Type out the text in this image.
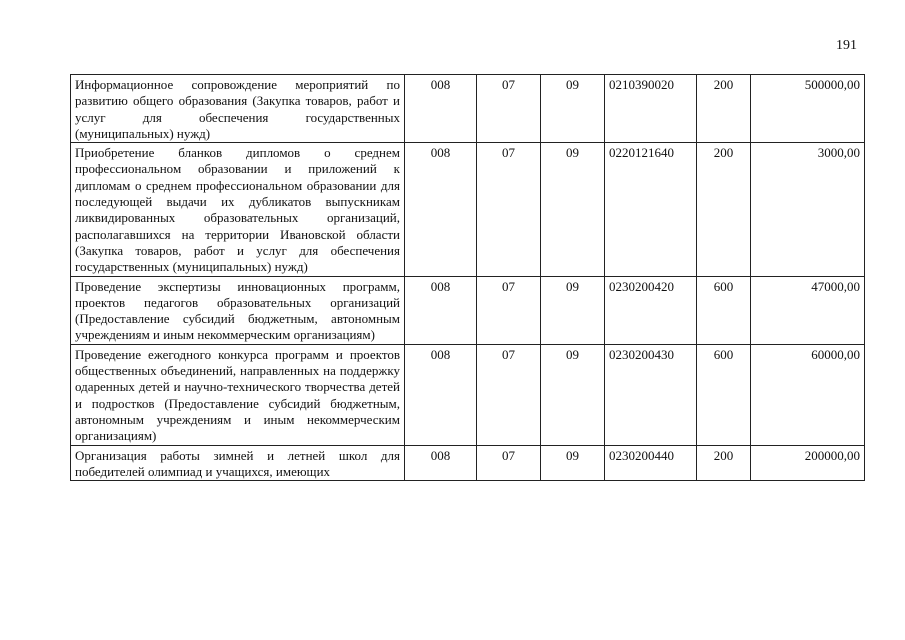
191
Информационное сопровождение мероприятий по развитию общего образования (Закупка товаров, работ и услуг для обеспечения государственных (муниципальных) нужд)	008	07	09	0210390020	200	500000,00
Приобретение бланков дипломов о среднем профессиональном образовании и приложений к дипломам о среднем профессиональном образовании для последующей выдачи их дубликатов выпускникам ликвидированных образовательных организаций, располагавшихся на территории Ивановской области (Закупка товаров, работ и услуг для обеспечения государственных (муниципальных) нужд)	008	07	09	0220121640	200	3000,00
Проведение экспертизы инновационных программ, проектов педагогов образовательных организаций (Предоставление субсидий бюджетным, автономным учреждениям и иным некоммерческим организациям)	008	07	09	0230200420	600	47000,00
Проведение ежегодного конкурса программ и проектов общественных объединений, направленных на поддержку одаренных детей и научно-технического творчества детей и подростков (Предоставление субсидий бюджетным, автономным учреждениям и иным некоммерческим организациям)	008	07	09	0230200430	600	60000,00
Организация работы зимней и летней школ для победителей олимпиад и учащихся, имеющих	008	07	09	0230200440	200	200000,00
